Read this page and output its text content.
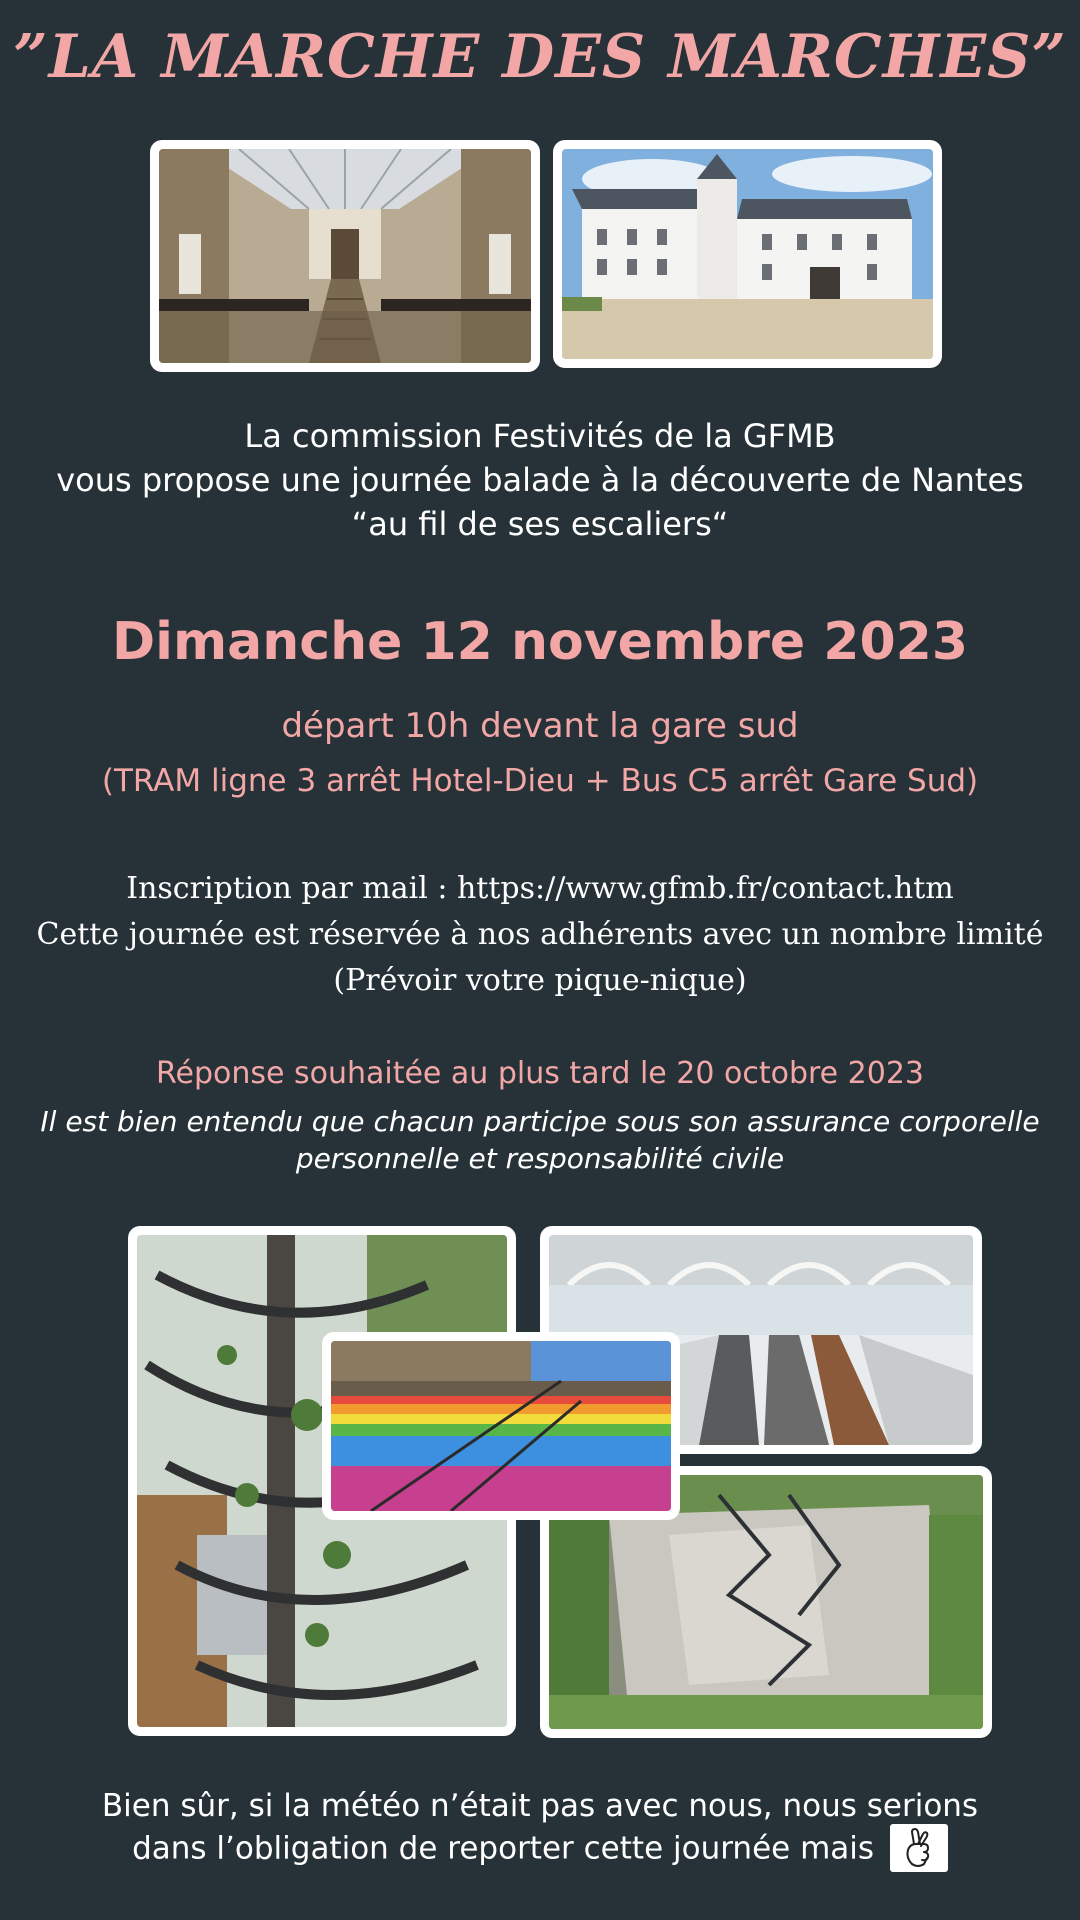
”LA MARCHE DES MARCHES”
La commission Festivités de la GFMB
vous propose une journée balade à la découverte de Nantes
“au fil de ses escaliers“
Dimanche 12 novembre 2023
départ 10h devant la gare sud
(TRAM ligne 3 arrêt Hotel-Dieu + Bus C5 arrêt Gare Sud)
Inscription par mail : https://www.gfmb.fr/contact.htm
Cette journée est réservée à nos adhérents avec un nombre limité
(Prévoir votre pique-nique)
Réponse souhaitée au plus tard le 20 octobre 2023
Il est bien entendu que chacun participe sous son assurance corporelle
personnelle et responsabilité civile
Bien sûr, si la météo n’était pas avec nous, nous serions
dans l’obligation de reporter cette journée mais
